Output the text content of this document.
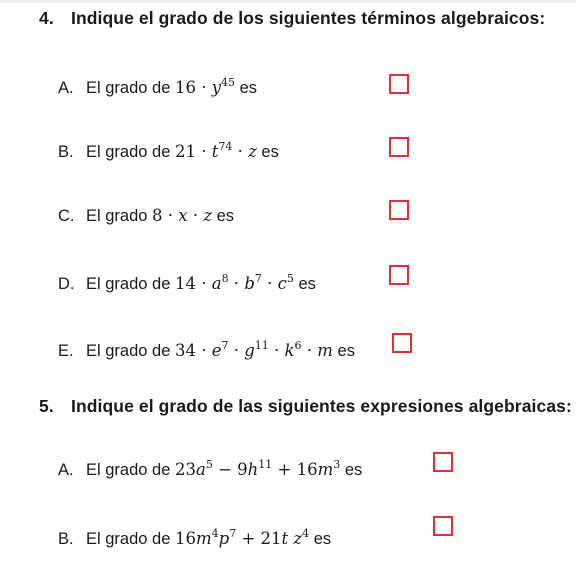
4. Indique el grado de los siguientes términos algebraicos:
A. El grado de $16 \cdot y^{45}$ es
B. El grado de $21 \cdot t^{74} \cdot z$ es
C. El grado 8 · x · z es
D. El grado de $14 \cdot a^8 \cdot b^7 \cdot c^5$ es
E. El grado de $34 \cdot e^7 \cdot g^{11} \cdot k^6 \cdot m$ es
5. Indique el grado de las siguientes expresiones algebraicas:
A. El grado de $23a^5 - 9h^{11} + 16m^3$ es
B. El grado de $16m^4p^7 + 21t$ $z^4$ es
